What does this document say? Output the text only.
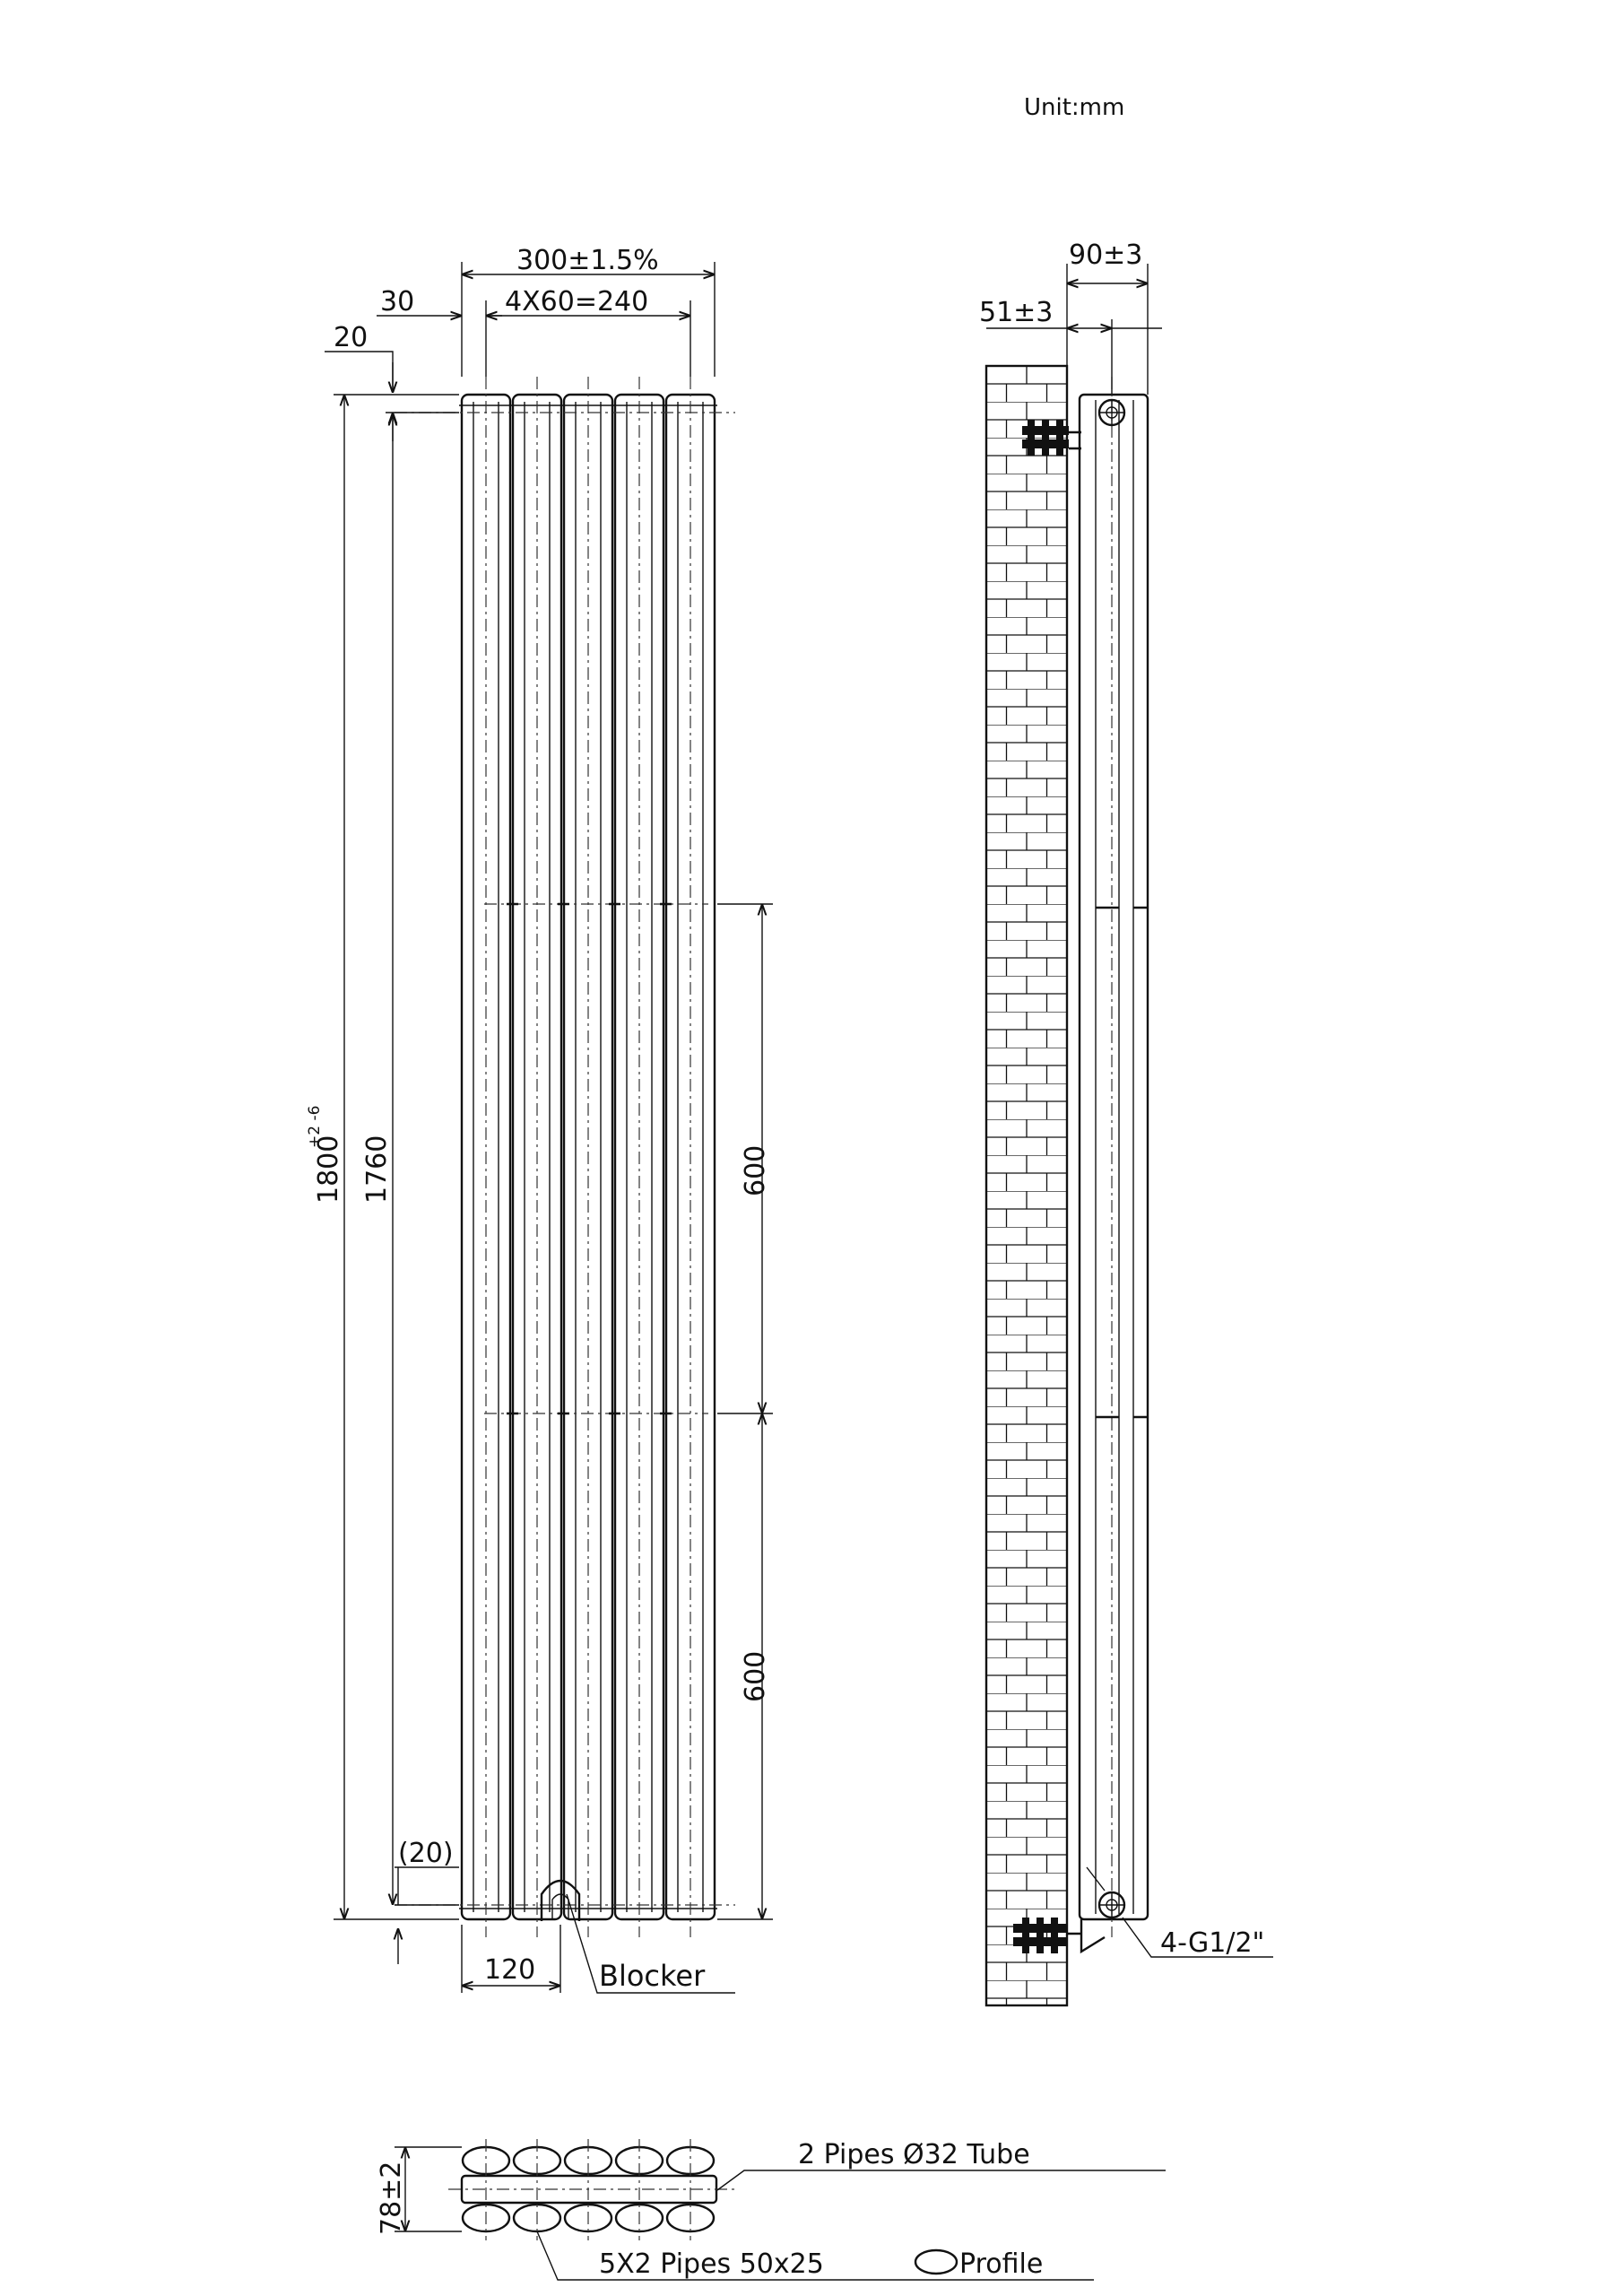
Unit:mm
300±1.5%
4X60=240
30
20
1800
+2 -6
1760	600
600
(20)
120 Blocker
90±3
51±3
4-G1/2"
78±2
2 Pipes Ø32 Tube
5X2 Pipes 50x25	Profile
